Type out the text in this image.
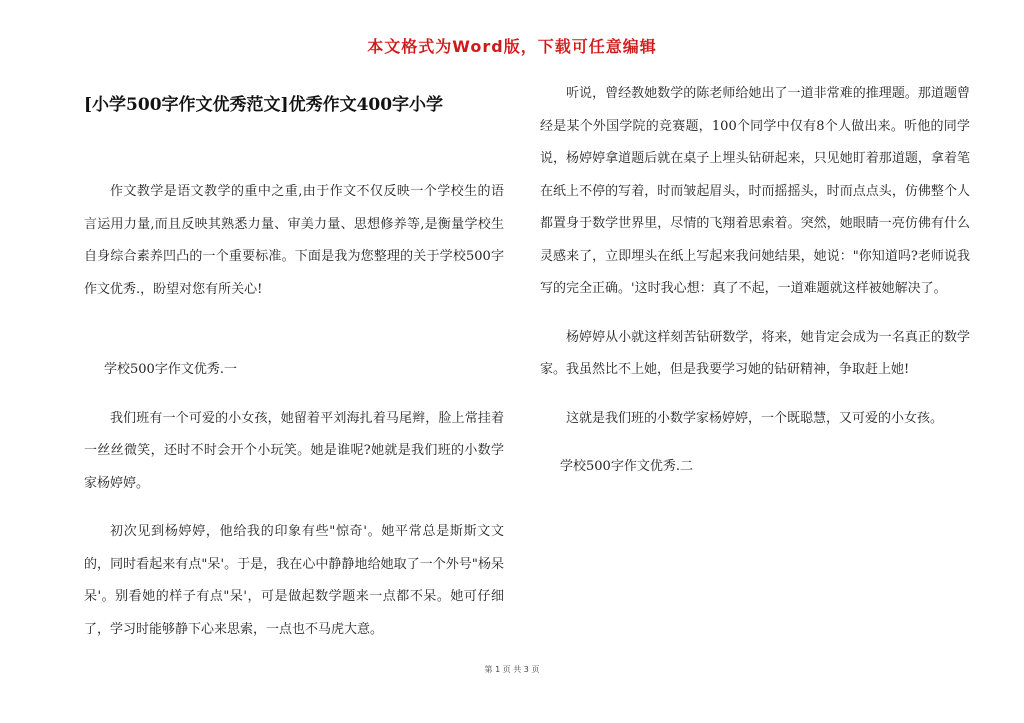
本文格式为Word版，下载可任意编辑
[小学500字作文优秀范文]优秀作文400字小学

作文教学是语文教学的重中之重,由于作文不仅反映一个学校生的语言运用力量,而且反映其熟悉力量、审美力量、思想修养等,是衡量学校生自身综合素养凹凸的一个重要标准。下面是我为您整理的关于学校500字作文优秀.，盼望对您有所关心!

学校500字作文优秀.一

我们班有一个可爱的小女孩，她留着平刘海扎着马尾辫，脸上常挂着一丝丝微笑，还时不时会开个小玩笑。她是谁呢?她就是我们班的小数学家杨婷婷。

初次见到杨婷婷，他给我的印象有些"惊奇'。她平常总是斯斯文文的，同时看起来有点"呆'。于是，我在心中静静地给她取了一个外号"杨呆呆'。别看她的样子有点"呆'，可是做起数学题来一点都不呆。她可仔细了，学习时能够静下心来思索，一点也不马虎大意。

听说，曾经教她数学的陈老师给她出了一道非常难的推理题。那道题曾经是某个外国学院的竞赛题，100个同学中仅有8个人做出来。听他的同学说，杨婷婷拿道题后就在桌子上埋头钻研起来，只见她盯着那道题，拿着笔在纸上不停的写着，时而皱起眉头，时而摇摇头，时而点点头，仿佛整个人都置身于数学世界里，尽情的飞翔着思索着。突然，她眼睛一亮仿佛有什么灵感来了，立即埋头在纸上写起来我问她结果，她说："你知道吗?老师说我写的完全正确。'这时我心想：真了不起，一道难题就这样被她解决了。

杨婷婷从小就这样刻苦钻研数学，将来，她肯定会成为一名真正的数学家。我虽然比不上她，但是我要学习她的钻研精神，争取赶上她!

这就是我们班的小数学家杨婷婷，一个既聪慧，又可爱的小女孩。

学校500字作文优秀.二

第 1 页 共 3 页
